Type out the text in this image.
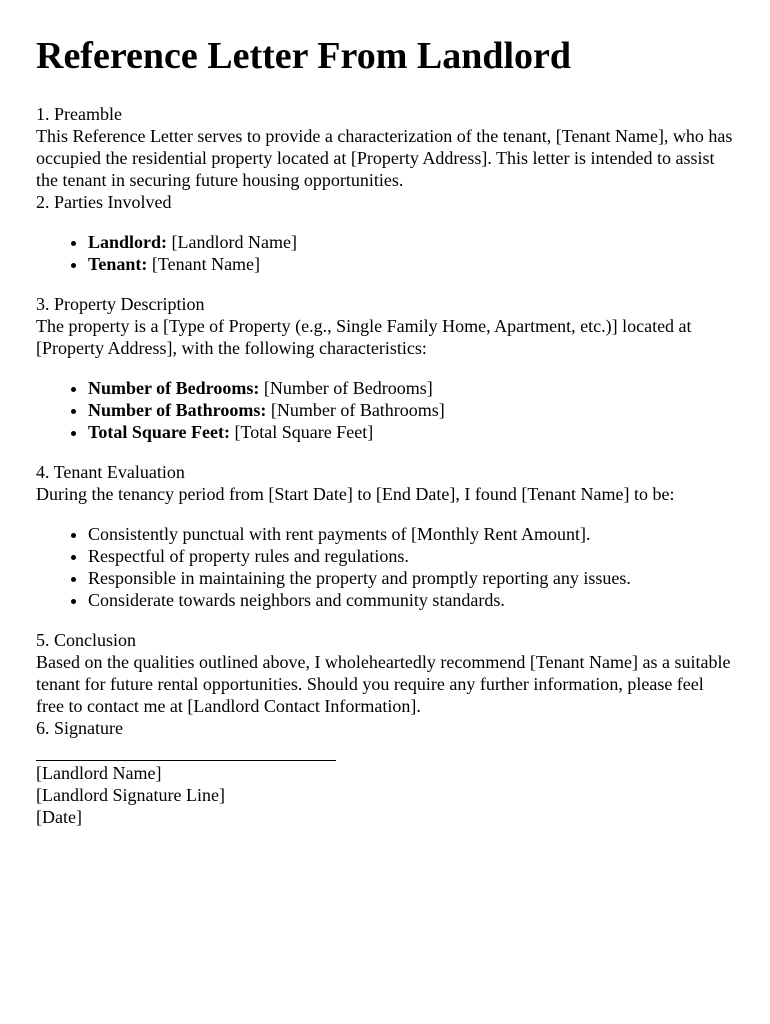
Reference Letter From Landlord
1. Preamble

This Reference Letter serves to provide a characterization of the tenant, [Tenant Name], who has occupied the residential property located at [Property Address]. This letter is intended to assist the tenant in securing future housing opportunities.

2. Parties Involved
• Landlord: [Landlord Name]
• Tenant: [Tenant Name]
3. Property Description

The property is a [Type of Property (e.g., Single Family Home, Apartment, etc.)] located at [Property Address], with the following characteristics:

• Number of Bedrooms: [Number of Bedrooms]
• Number of Bathrooms: [Number of Bathrooms]
• Total Square Feet: [Total Square Feet]
4. Tenant Evaluation

During the tenancy period from [Start Date] to [End Date], I found [Tenant Name] to be:

• Consistently punctual with rent payments of [Monthly Rent Amount].
• Respectful of property rules and regulations.
• Responsible in maintaining the property and promptly reporting any issues.
• Considerate towards neighbors and community standards.
5. Conclusion

Based on the qualities outlined above, I wholeheartedly recommend [Tenant Name] as a suitable tenant for future rental opportunities. Should you require any further information, please feel free to contact me at [Landlord Contact Information].

6. Signature
[Landlord Name]
[Landlord Signature Line]
[Date]
